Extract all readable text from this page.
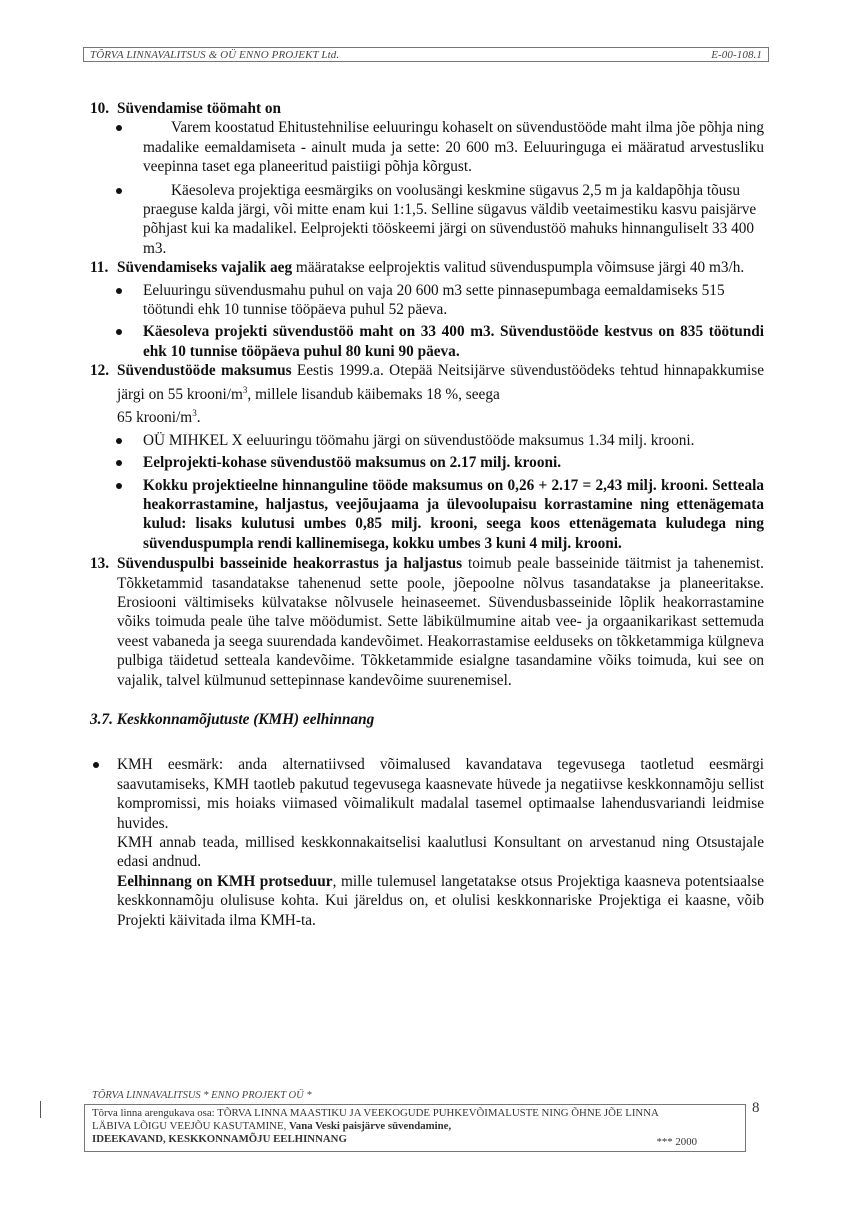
TÕRVA LINNAVALITSUS & OÜ ENNO PROJEKT Ltd.	E-00-108.1
10. Süvendamise töömaht on
Varem koostatud Ehitustehnilise eeluuringu kohaselt on süvendustööde maht ilma jõe põhja ning madalike eemaldamiseta - ainult muda ja sette: 20 600 m3. Eeluuringuga ei määratud arvestusliku veepinna taset ega planeeritud paistiigi põhja kõrgust.
Käesoleva projektiga eesmärgiks on voolusängi keskmine sügavus 2,5 m ja kaldapõhja tõusu praeguse kalda järgi, või mitte enam kui 1:1,5. Selline sügavus väldib veetaimestiku kasvu paisjärve põhjast kui ka madalikel. Eelprojekti tööskeemi järgi on süvendustöö mahuks hinnanguliselt 33 400 m3.
11. Süvendamiseks vajalik aeg määratakse eelprojektis valitud süvenduspumpla võimsuse järgi 40 m3/h.
Eeluuringu süvendusmahu puhul on vaja 20 600 m3 sette pinnasepumbaga eemaldamiseks 515 töötundi ehk 10 tunnise tööpäeva puhul 52 päeva.
Käesoleva projekti süvendustöö maht on 33 400 m3. Süvendustööde kestvus on 835 töötundi ehk 10 tunnise tööpäeva puhul 80 kuni 90 päeva.
12. Süvendustööde maksumus Eestis 1999.a. Otepää Neitsijärve süvendustöödeks tehtud hinnapakkumise järgi on 55 krooni/$m^3$, millele lisandub käibemaks 18 %, seega
65 krooni/$m^3$.
OÜ MIHKEL X eeluuringu töömahu järgi on süvendustööde maksumus 1.34 milj. krooni.
Eelprojekti-kohase süvendustöö maksumus on 2.17 milj. krooni.
Kokku projektieelne hinnanguline tööde maksumus on 0,26 + 2.17 = 2,43 milj. krooni. Setteala heakorrastamine, haljastus, veejõujaama ja ülevoolupaisu korrastamine ning ettenägemata kulud: lisaks kulutusi umbes 0,85 milj. krooni, seega koos ettenägemata kuludega ning süvenduspumpla rendi kallinemisega, kokku umbes 3 kuni 4 milj. krooni.
13. Süvenduspulbi basseinide heakorrastus ja haljastus toimub peale basseinide täitmist ja tahenemist. Tõkketammid tasandatakse tahenenud sette poole, jõepoolne nõlvus tasandatakse ja planeeritakse. Erosiooni vältimiseks külvatakse nõlvusele heinaseemet. Süvendusbasseinide lõplik heakorrastamine võiks toimuda peale ühe talve möödumist. Sette läbikülmumine aitab vee- ja orgaanikarikast settemuda veest vabaneda ja seega suurendada kandevõimet. Heakorrastamise eelduseks on tõkketammiga külgneva pulbiga täidetud setteala kandevõime. Tõkketammide esialgne tasandamine võiks toimuda, kui see on vajalik, talvel külmunud settepinnase kandevõime suurenemisel.
3.7. Keskkonnamõjutuste (KMH) eelhinnang
KMH eesmärk: anda alternatiivsed võimalused kavandatava tegevusega taotletud eesmärgi saavutamiseks, KMH taotleb pakutud tegevusega kaasnevate hüvede ja negatiivse keskkonnamõju sellist kompromissi, mis hoiaks viimased võimalikult madalal tasemel optimaalse lahendusvariandi leidmise huvides.
KMH annab teada, millised keskkonnakaitselisi kaalutlusi Konsultant on arvestanud ning Otsustajale edasi andnud.
Eelhinnang on KMH protseduur, mille tulemusel langetatakse otsus Projektiga kaasneva potentsiaalse keskkonnamõju olulisuse kohta. Kui järeldus on, et olulisi keskkonnariske Projektiga ei kaasne, võib Projekti käivitada ilma KMH-ta.
TÕRVA LINNAVALITSUS * ENNO PROJEKT OÜ *
Tõrva linna arengukava osa: TÕRVA LINNA MAASTIKU JA VEEKOGUDE PUHKEVÕIMALUSTE NING ÕHNE JÕE LINNA
LÄBIVA LÕIGU VEEJÕU KASUTAMINE, Vana Veski paisjärve süvendamine,
IDEEKAVAND, KESKKONNAMÕJU EELHINNANG	*** 2000
8
